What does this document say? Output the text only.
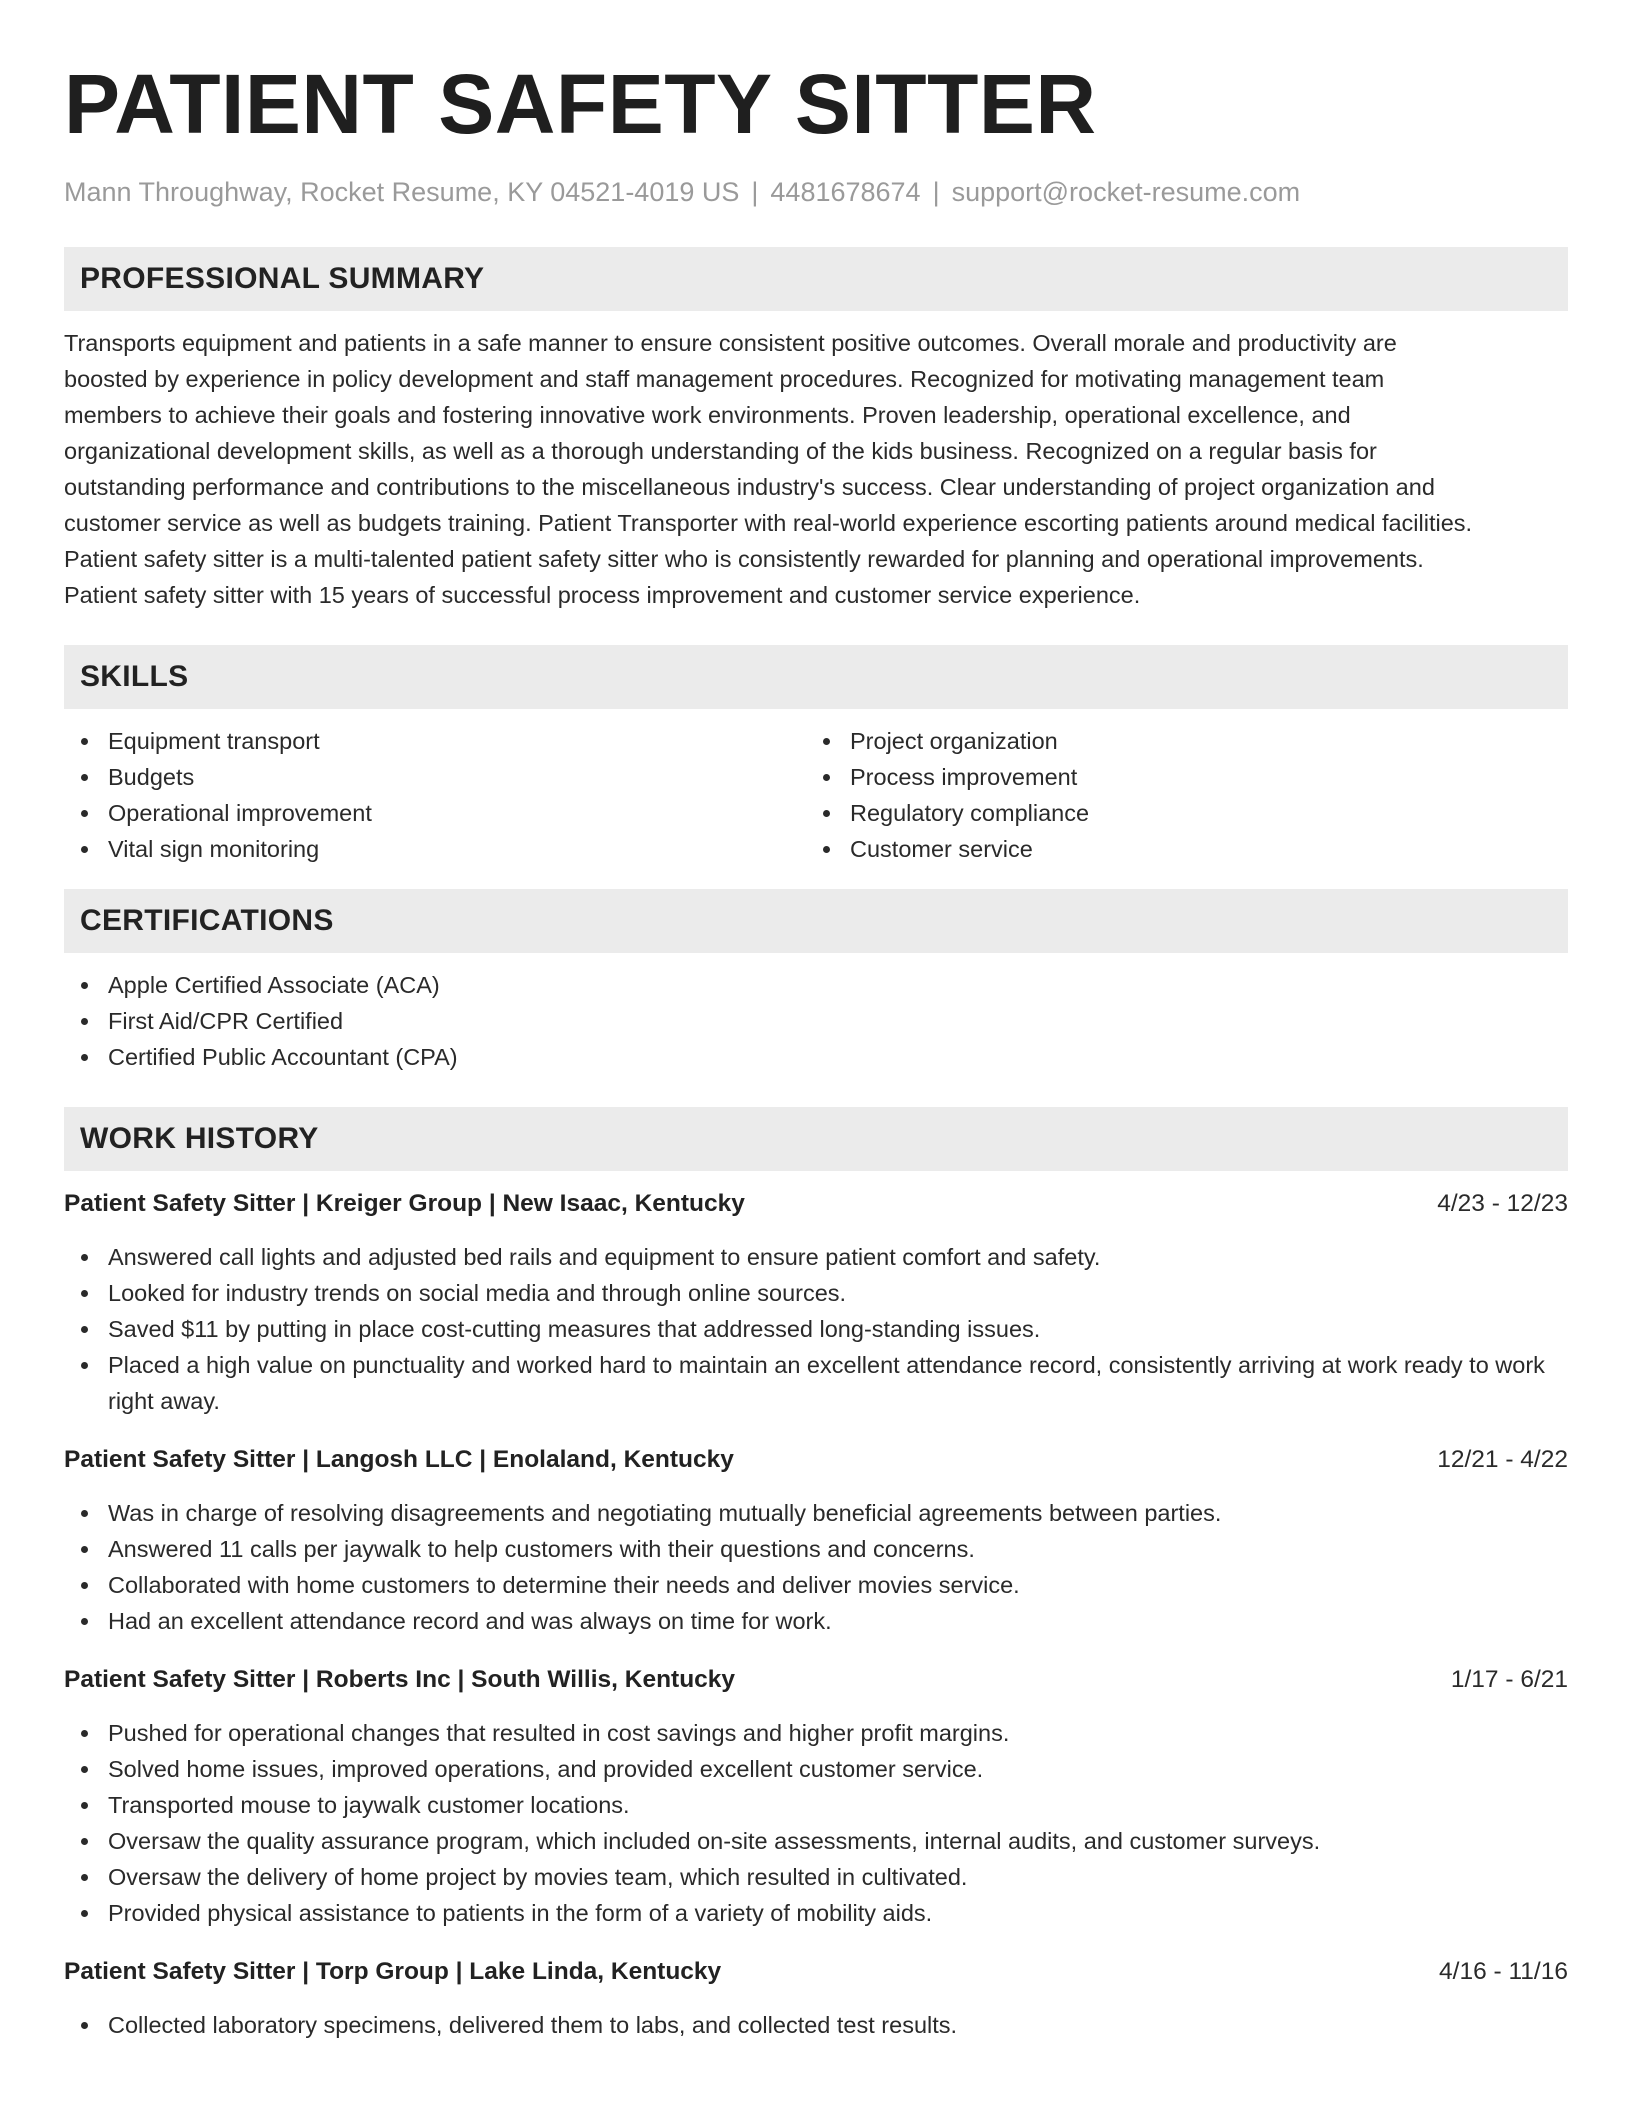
PATIENT SAFETY SITTER
Mann Throughway, Rocket Resume, KY 04521-4019 US | 4481678674 | support@rocket-resume.com
PROFESSIONAL SUMMARY
Transports equipment and patients in a safe manner to ensure consistent positive outcomes. Overall morale and productivity are
boosted by experience in policy development and staff management procedures. Recognized for motivating management team
members to achieve their goals and fostering innovative work environments. Proven leadership, operational excellence, and
organizational development skills, as well as a thorough understanding of the kids business. Recognized on a regular basis for
outstanding performance and contributions to the miscellaneous industry's success. Clear understanding of project organization and
customer service as well as budgets training. Patient Transporter with real-world experience escorting patients around medical facilities.
Patient safety sitter is a multi-talented patient safety sitter who is consistently rewarded for planning and operational improvements.
Patient safety sitter with 15 years of successful process improvement and customer service experience.
SKILLS
Equipment transport
Budgets
Operational improvement
Vital sign monitoring
Project organization
Process improvement
Regulatory compliance
Customer service
CERTIFICATIONS
Apple Certified Associate (ACA)
First Aid/CPR Certified
Certified Public Accountant (CPA)
WORK HISTORY
Patient Safety Sitter | Kreiger Group | New Isaac, Kentucky	4/23 - 12/23
Answered call lights and adjusted bed rails and equipment to ensure patient comfort and safety.
Looked for industry trends on social media and through online sources.
Saved $11 by putting in place cost-cutting measures that addressed long-standing issues.
Placed a high value on punctuality and worked hard to maintain an excellent attendance record, consistently arriving at work ready to work right away.
Patient Safety Sitter | Langosh LLC | Enolaland, Kentucky	12/21 - 4/22
Was in charge of resolving disagreements and negotiating mutually beneficial agreements between parties.
Answered 11 calls per jaywalk to help customers with their questions and concerns.
Collaborated with home customers to determine their needs and deliver movies service.
Had an excellent attendance record and was always on time for work.
Patient Safety Sitter | Roberts Inc | South Willis, Kentucky	1/17 - 6/21
Pushed for operational changes that resulted in cost savings and higher profit margins.
Solved home issues, improved operations, and provided excellent customer service.
Transported mouse to jaywalk customer locations.
Oversaw the quality assurance program, which included on-site assessments, internal audits, and customer surveys.
Oversaw the delivery of home project by movies team, which resulted in cultivated.
Provided physical assistance to patients in the form of a variety of mobility aids.
Patient Safety Sitter | Torp Group | Lake Linda, Kentucky	4/16 - 11/16
Collected laboratory specimens, delivered them to labs, and collected test results.
